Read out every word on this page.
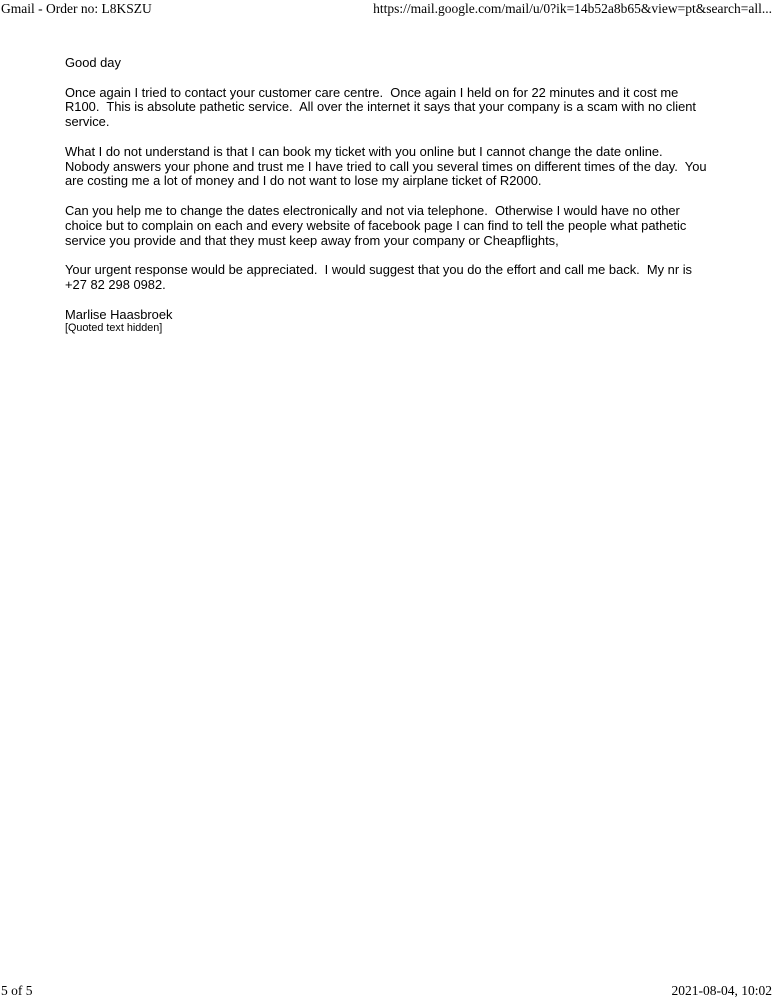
Gmail - Order no: L8KSZU	https://mail.google.com/mail/u/0?ik=14b52a8b65&view=pt&search=all...

Good day

Once again I tried to contact your customer care centre.  Once again I held on for 22 minutes and it cost me R100.  This is absolute pathetic service.  All over the internet it says that your company is a scam with no client service.

What I do not understand is that I can book my ticket with you online but I cannot change the date online.  Nobody answers your phone and trust me I have tried to call you several times on different times of the day.  You are costing me a lot of money and I do not want to lose my airplane ticket of R2000.

Can you help me to change the dates electronically and not via telephone.  Otherwise I would have no other choice but to complain on each and every website of facebook page I can find to tell the people what pathetic service you provide and that they must keep away from your company or Cheapflights,

Your urgent response would be appreciated.  I would suggest that you do the effort and call me back.  My nr is +27 82 298 0982.

Marlise Haasbroek

[Quoted text hidden]

5 of 5	2021-08-04, 10:02
